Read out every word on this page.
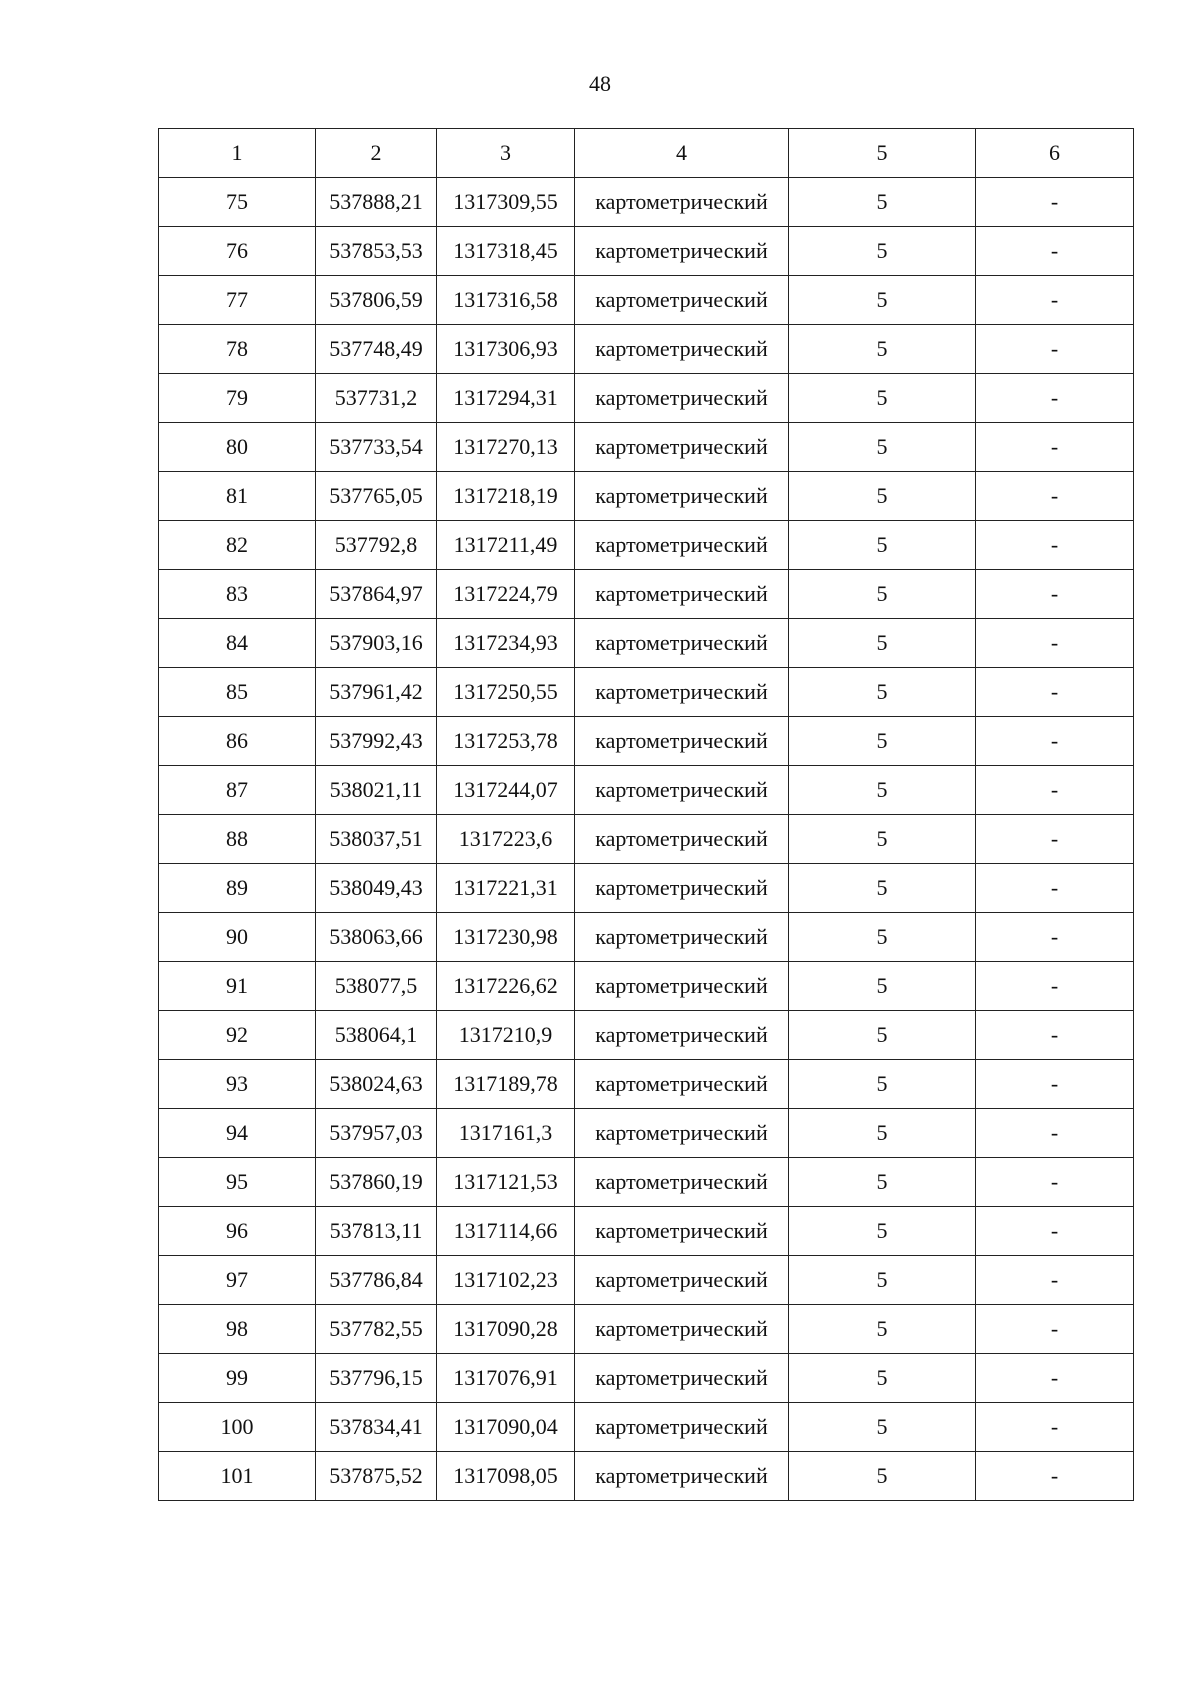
48
1	2	3	4	5	6
75	537888,21	1317309,55	картометрический	5	-
76	537853,53	1317318,45	картометрический	5	-
77	537806,59	1317316,58	картометрический	5	-
78	537748,49	1317306,93	картометрический	5	-
79	537731,2	1317294,31	картометрический	5	-
80	537733,54	1317270,13	картометрический	5	-
81	537765,05	1317218,19	картометрический	5	-
82	537792,8	1317211,49	картометрический	5	-
83	537864,97	1317224,79	картометрический	5	-
84	537903,16	1317234,93	картометрический	5	-
85	537961,42	1317250,55	картометрический	5	-
86	537992,43	1317253,78	картометрический	5	-
87	538021,11	1317244,07	картометрический	5	-
88	538037,51	1317223,6	картометрический	5	-
89	538049,43	1317221,31	картометрический	5	-
90	538063,66	1317230,98	картометрический	5	-
91	538077,5	1317226,62	картометрический	5	-
92	538064,1	1317210,9	картометрический	5	-
93	538024,63	1317189,78	картометрический	5	-
94	537957,03	1317161,3	картометрический	5	-
95	537860,19	1317121,53	картометрический	5	-
96	537813,11	1317114,66	картометрический	5	-
97	537786,84	1317102,23	картометрический	5	-
98	537782,55	1317090,28	картометрический	5	-
99	537796,15	1317076,91	картометрический	5	-
100	537834,41	1317090,04	картометрический	5	-
101	537875,52	1317098,05	картометрический	5	-
